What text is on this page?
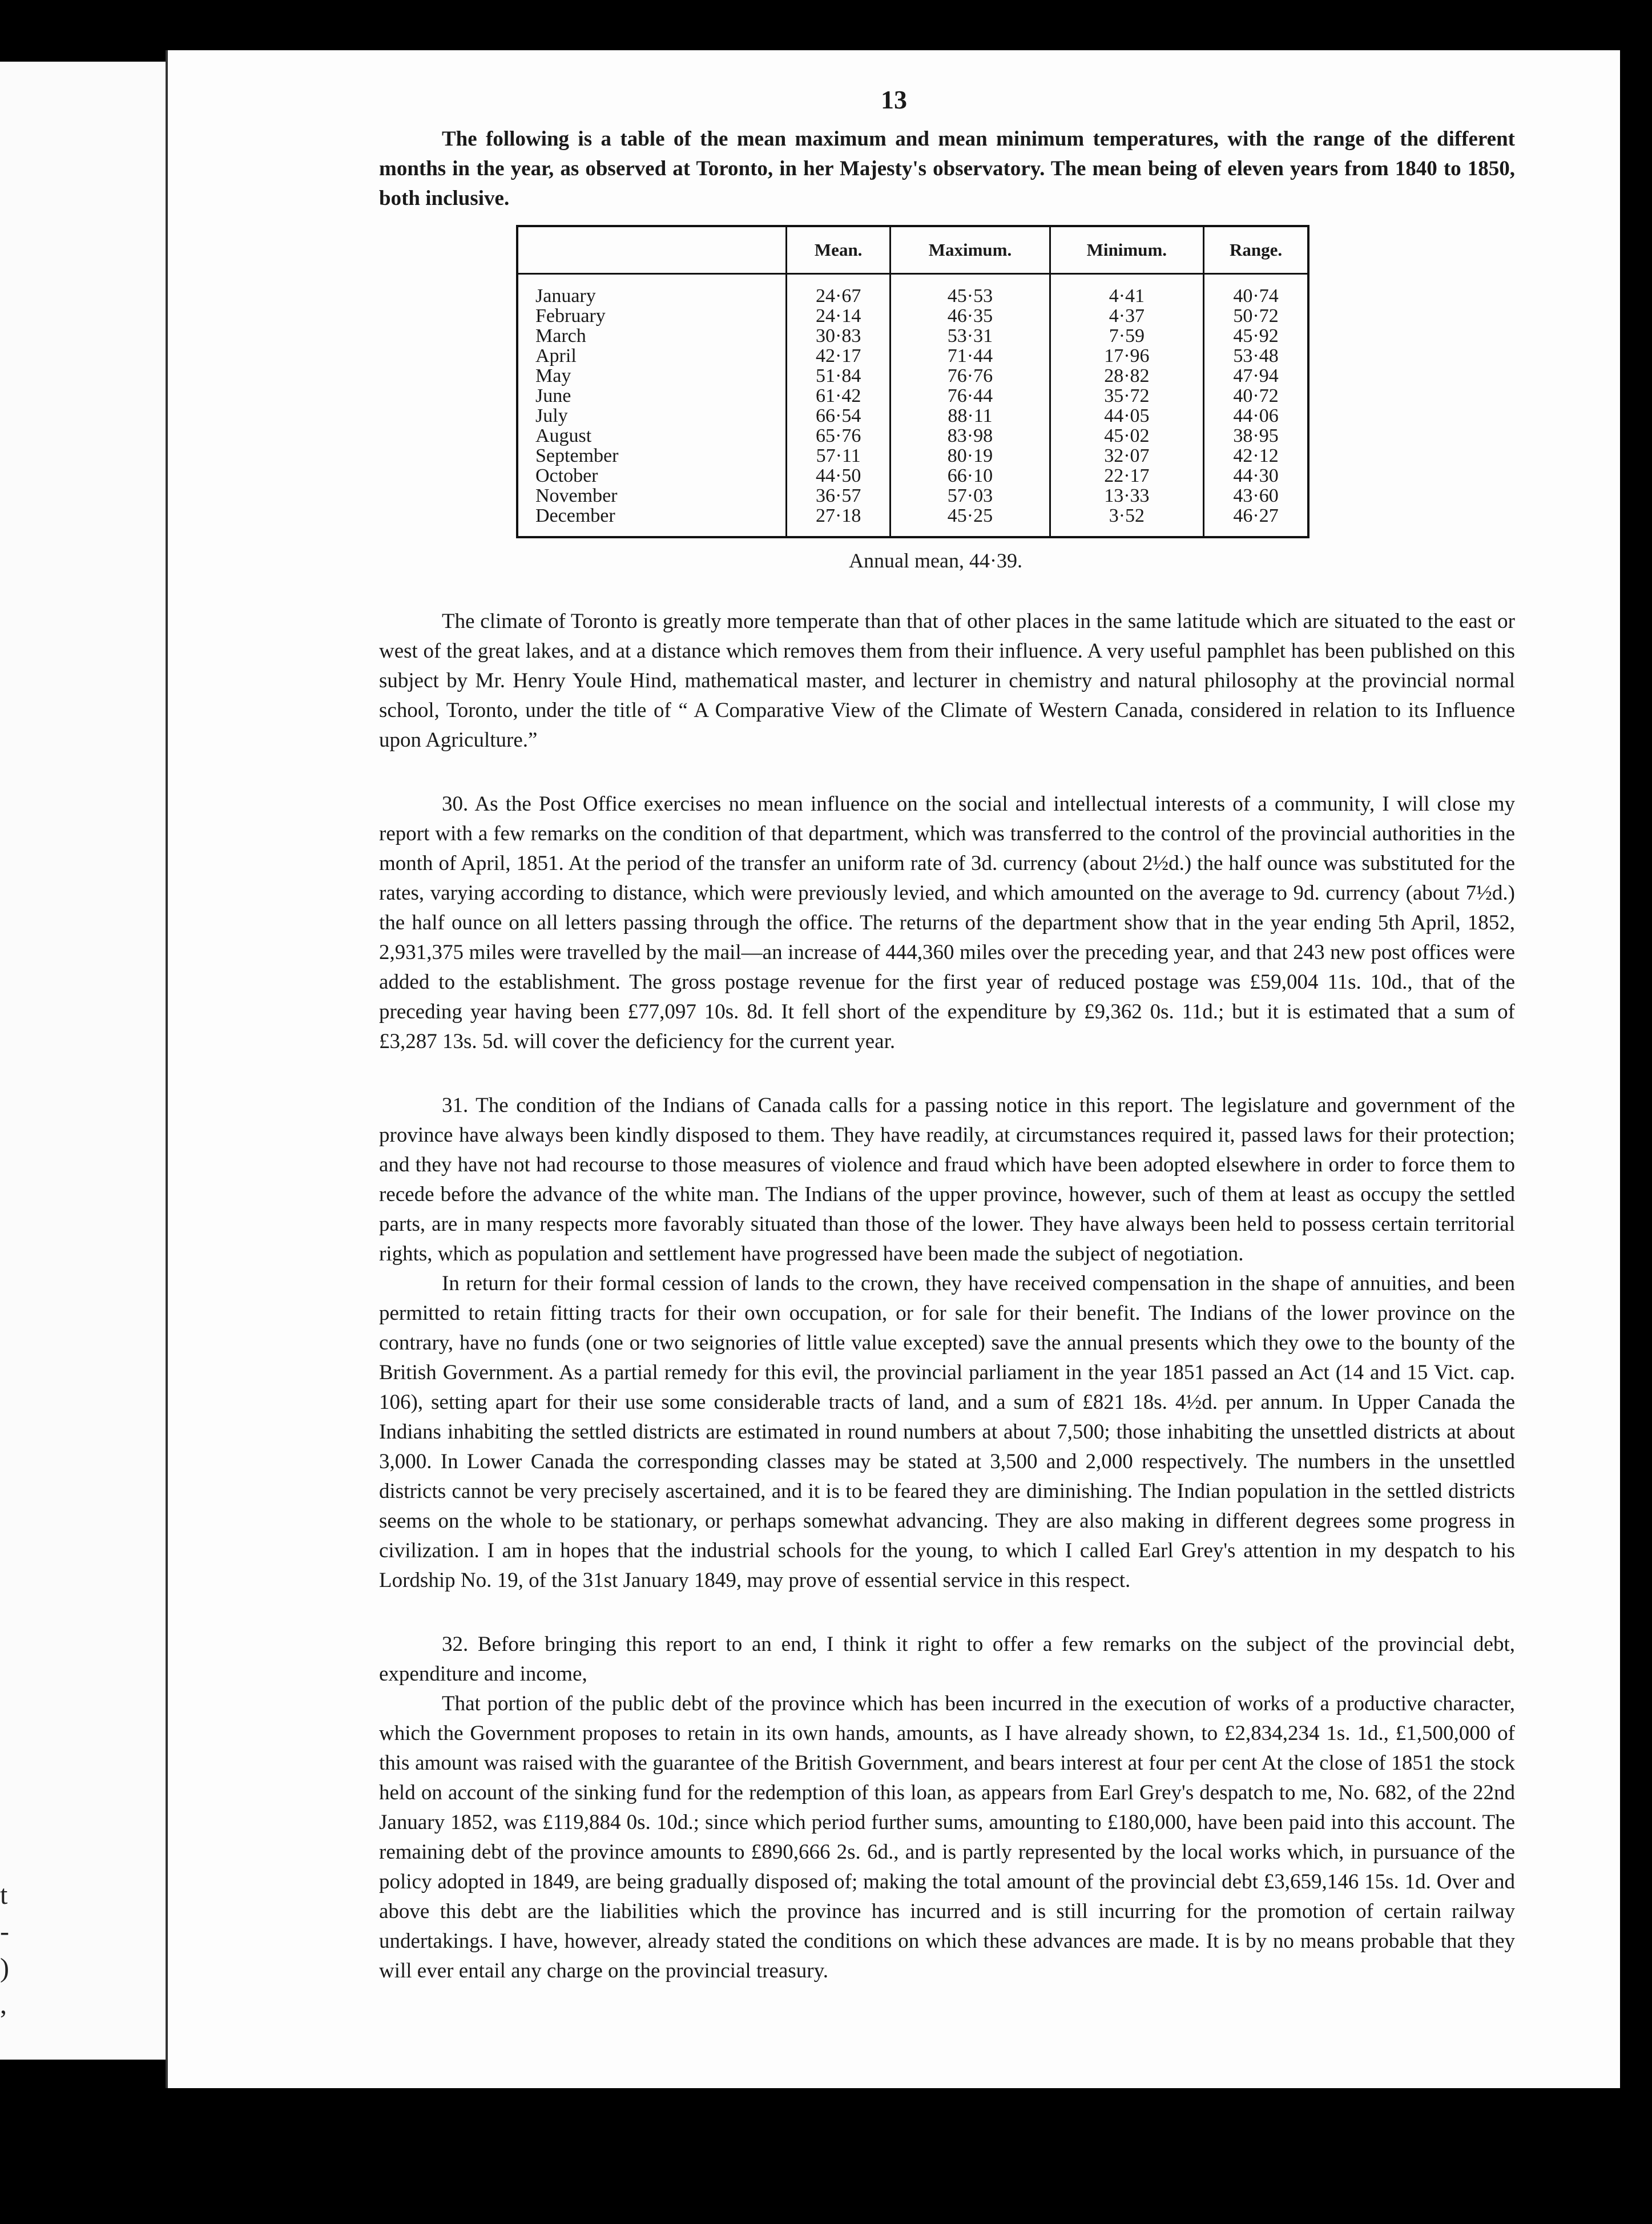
t
-
)
,
13

The following is a table of the mean maximum and mean minimum temperatures, with the range of the different months in the year, as observed at Toronto, in her Majesty's observatory. The mean being of eleven years from 1840 to 1850, both inclusive.

	Mean.	Maximum.	Minimum.	Range.
January	24·67	45·53	4·41	40·74
February	24·14	46·35	4·37	50·72
March	30·83	53·31	7·59	45·92
April	42·17	71·44	17·96	53·48
May	51·84	76·76	28·82	47·94
June	61·42	76·44	35·72	40·72
July	66·54	88·11	44·05	44·06
August	65·76	83·98	45·02	38·95
September	57·11	80·19	32·07	42·12
October	44·50	66·10	22·17	44·30
November	36·57	57·03	13·33	43·60
December	27·18	45·25	3·52	46·27
Annual mean, 44·39.

The climate of Toronto is greatly more temperate than that of other places in the same latitude which are situated to the east or west of the great lakes, and at a distance which removes them from their influence. A very useful pamphlet has been published on this subject by Mr. Henry Youle Hind, mathematical master, and lecturer in chemistry and natural philosophy at the provincial normal school, Toronto, under the title of “ A Comparative View of the Climate of Western Canada, considered in relation to its Influence upon Agriculture.”

30. As the Post Office exercises no mean influence on the social and intellectual interests of a community, I will close my report with a few remarks on the condition of that department, which was transferred to the control of the provincial authorities in the month of April, 1851. At the period of the transfer an uniform rate of 3d. currency (about 2½d.) the half ounce was substituted for the rates, varying according to distance, which were previously levied, and which amounted on the average to 9d. currency (about 7½d.) the half ounce on all letters passing through the office. The returns of the department show that in the year ending 5th April, 1852, 2,931,375 miles were travelled by the mail—an increase of 444,360 miles over the preceding year, and that 243 new post offices were added to the establishment. The gross postage revenue for the first year of reduced postage was £59,004 11s. 10d., that of the preceding year having been £77,097 10s. 8d. It fell short of the expenditure by £9,362 0s. 11d.; but it is estimated that a sum of £3,287 13s. 5d. will cover the deficiency for the current year.

31. The condition of the Indians of Canada calls for a passing notice in this report. The legislature and government of the province have always been kindly disposed to them. They have readily, at circumstances required it, passed laws for their protection; and they have not had recourse to those measures of violence and fraud which have been adopted elsewhere in order to force them to recede before the advance of the white man. The Indians of the upper province, however, such of them at least as occupy the settled parts, are in many respects more favorably situated than those of the lower. They have always been held to possess certain territorial rights, which as population and settlement have progressed have been made the subject of negotiation.

In return for their formal cession of lands to the crown, they have received compensation in the shape of annuities, and been permitted to retain fitting tracts for their own occupation, or for sale for their benefit. The Indians of the lower province on the contrary, have no funds (one or two seignories of little value excepted) save the annual presents which they owe to the bounty of the British Government. As a partial remedy for this evil, the provincial parliament in the year 1851 passed an Act (14 and 15 Vict. cap. 106), setting apart for their use some considerable tracts of land, and a sum of £821 18s. 4½d. per annum. In Upper Canada the Indians inhabiting the settled districts are estimated in round numbers at about 7,500; those inhabiting the unsettled districts at about 3,000. In Lower Canada the corresponding classes may be stated at 3,500 and 2,000 respectively. The numbers in the unsettled districts cannot be very precisely ascertained, and it is to be feared they are diminishing. The Indian population in the settled districts seems on the whole to be stationary, or perhaps somewhat advancing. They are also making in different degrees some progress in civilization. I am in hopes that the industrial schools for the young, to which I called Earl Grey's attention in my despatch to his Lordship No. 19, of the 31st January 1849, may prove of essential service in this respect.

32. Before bringing this report to an end, I think it right to offer a few remarks on the subject of the provincial debt, expenditure and income,

That portion of the public debt of the province which has been incurred in the execution of works of a productive character, which the Government proposes to retain in its own hands, amounts, as I have already shown, to £2,834,234 1s. 1d., £1,500,000 of this amount was raised with the guarantee of the British Government, and bears interest at four per cent At the close of 1851 the stock held on account of the sinking fund for the redemption of this loan, as appears from Earl Grey's despatch to me, No. 682, of the 22nd January 1852, was £119,884 0s. 10d.; since which period further sums, amounting to £180,000, have been paid into this account. The remaining debt of the province amounts to £890,666 2s. 6d., and is partly represented by the local works which, in pursuance of the policy adopted in 1849, are being gradually disposed of; making the total amount of the provincial debt £3,659,146 15s. 1d. Over and above this debt are the liabilities which the province has incurred and is still incurring for the promotion of certain railway undertakings. I have, however, already stated the conditions on which these advances are made. It is by no means probable that they will ever entail any charge on the provincial treasury.
